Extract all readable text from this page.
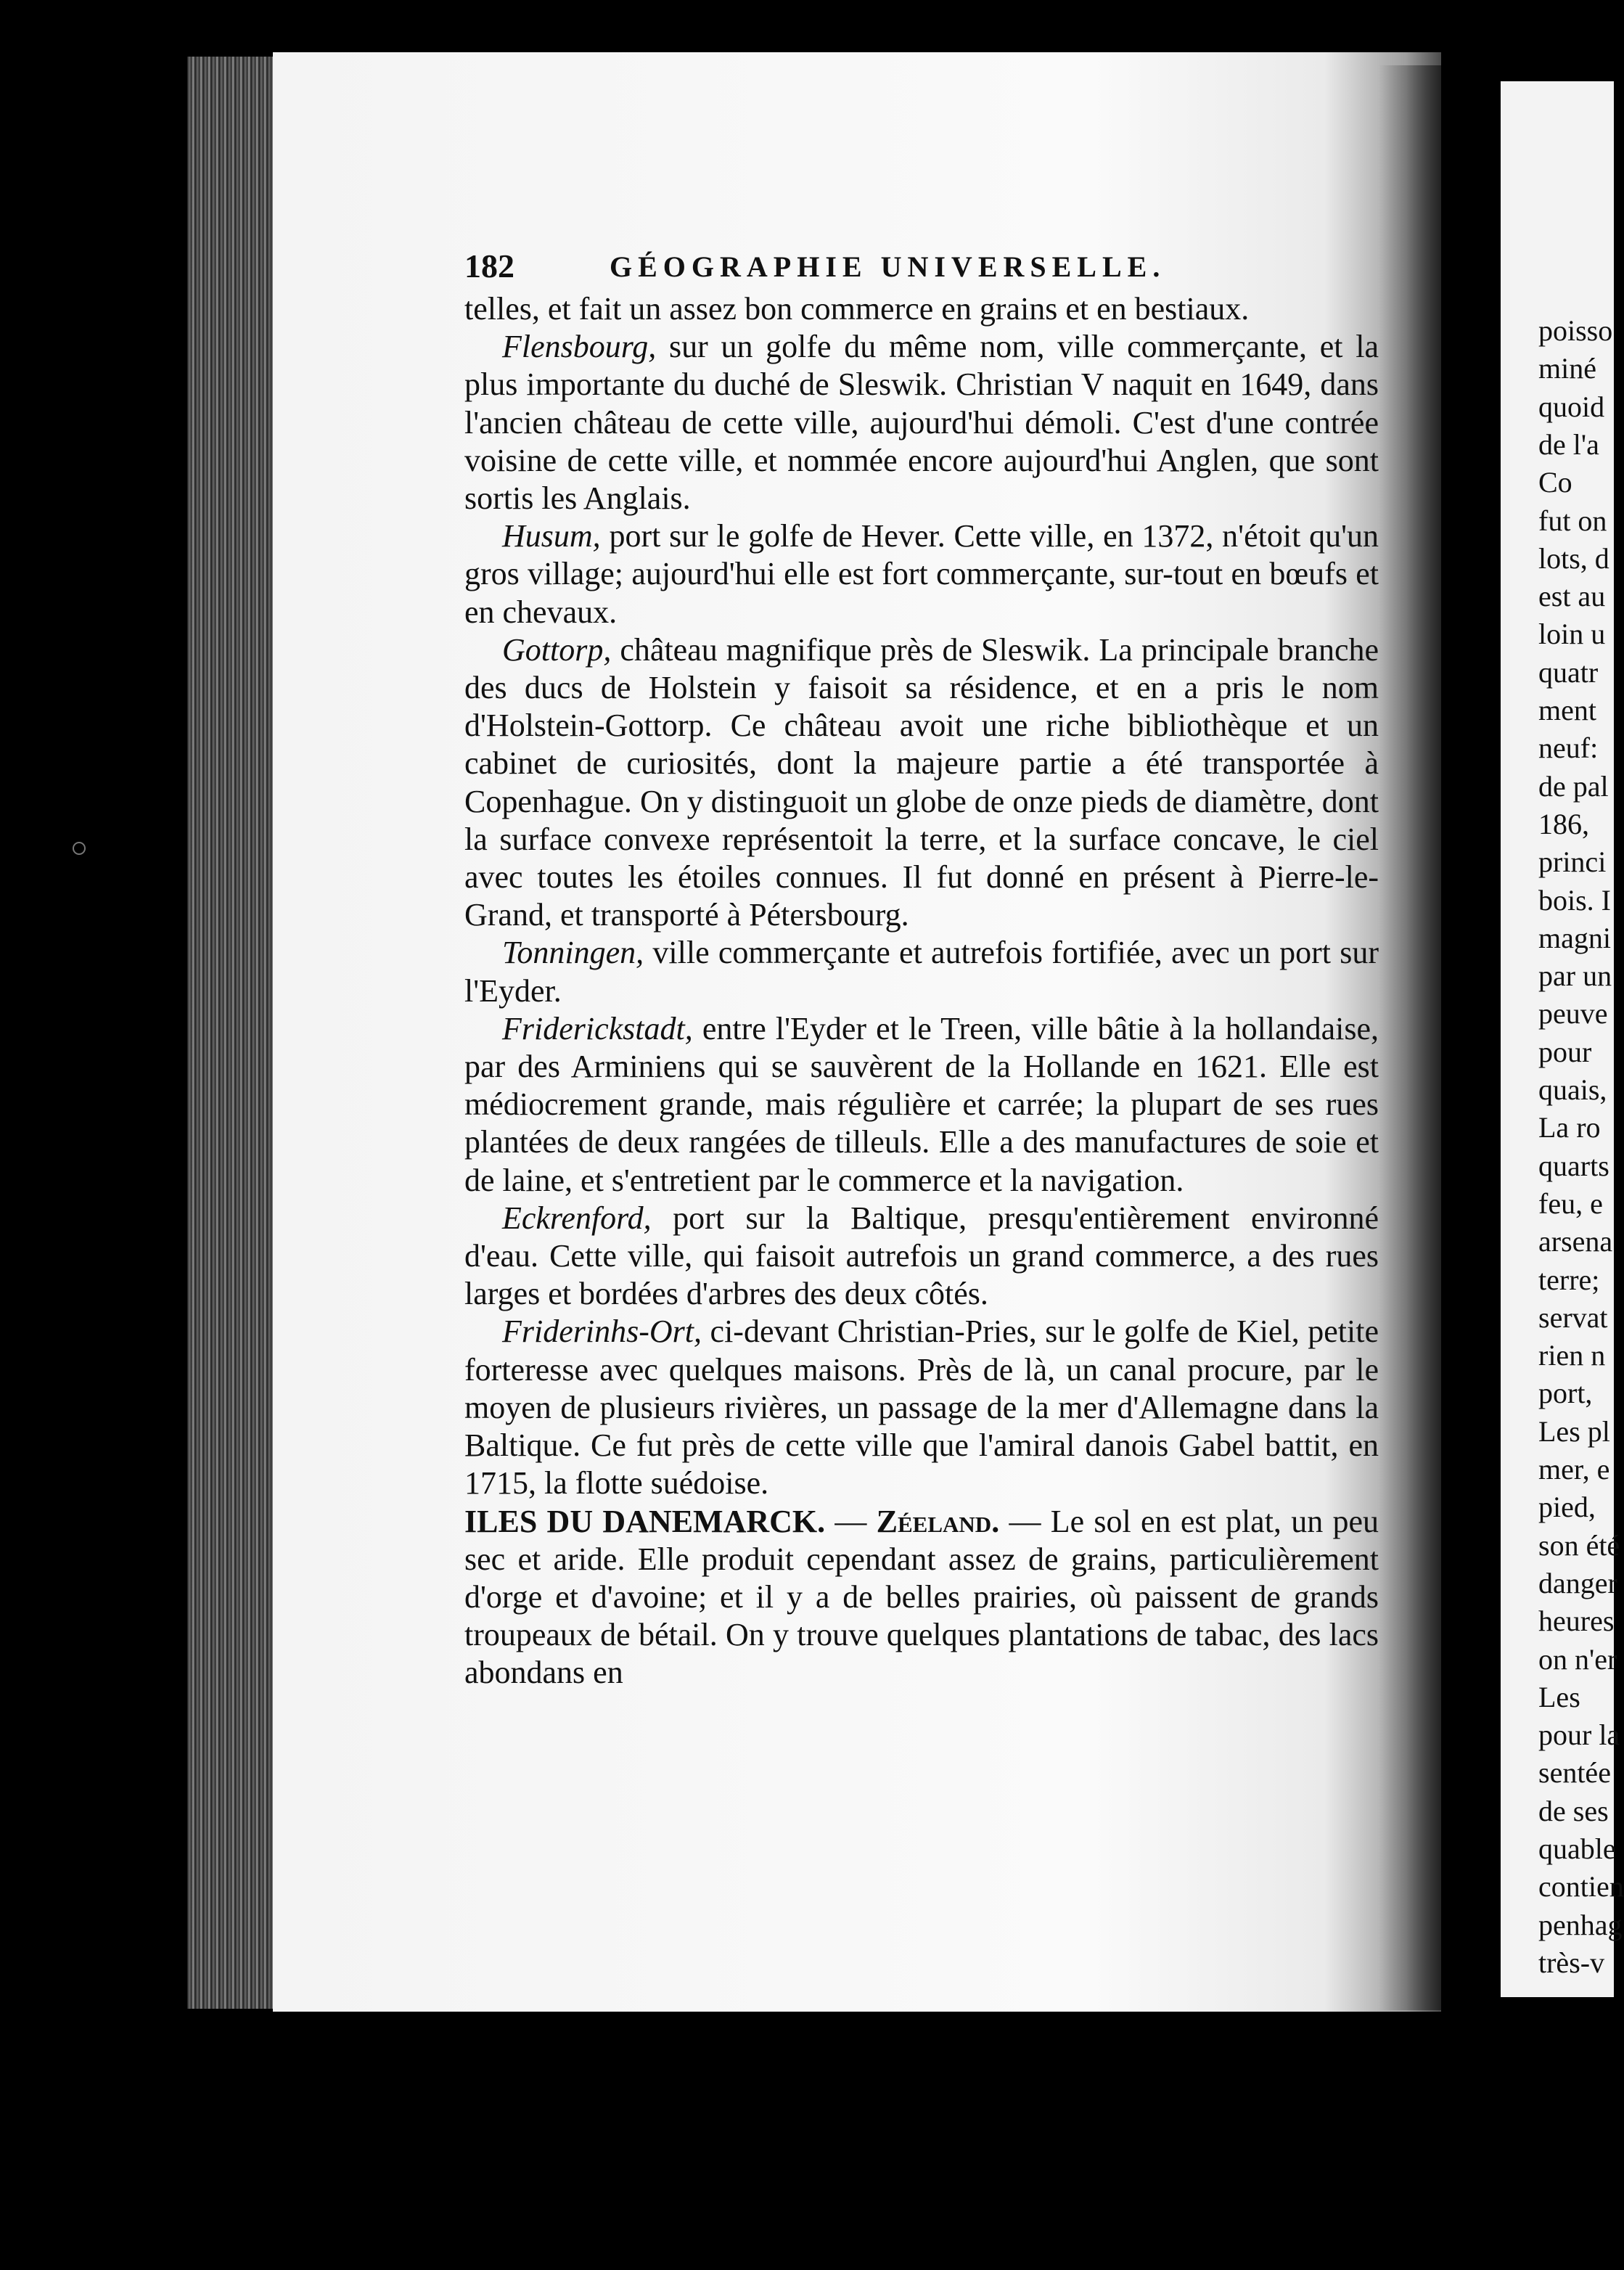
poisso
miné
quoid
de l'a
Co
fut on
lots, d
est au
loin u
quatr
ment
neuf:
de pal
186,
princi
bois. I
magni
par un
peuve
pour
quais,
La ro
quarts
feu, e
arsena
terre;
servat
rien n
port,
Les pl
mer, e
pied,
son été
danger
heures
on n'er
Les
pour la
sentée
de ses
quable
contien
penhag
très-v
182	GÉOGRAPHIE UNIVERSELLE.

telles, et fait un assez bon commerce en grains et en bestiaux.

Flensbourg, sur un golfe du même nom, ville commerçante, et la plus importante du duché de Sleswik. Christian V naquit en 1649, dans l'ancien château de cette ville, aujourd'hui démoli. C'est d'une contrée voisine de cette ville, et nommée encore aujourd'hui Anglen, que sont sortis les Anglais.

Husum, port sur le golfe de Hever. Cette ville, en 1372, n'étoit qu'un gros village; aujourd'hui elle est fort commerçante, sur-tout en bœufs et en chevaux.

Gottorp, château magnifique près de Sleswik. La principale branche des ducs de Holstein y faisoit sa résidence, et en a pris le nom d'Holstein-Gottorp. Ce château avoit une riche bibliothèque et un cabinet de curiosités, dont la majeure partie a été transportée à Copenhague. On y distinguoit un globe de onze pieds de diamètre, dont la surface convexe représentoit la terre, et la surface concave, le ciel avec toutes les étoiles connues. Il fut donné en présent à Pierre-le-Grand, et transporté à Pétersbourg.

Tonningen, ville commerçante et autrefois fortifiée, avec un port sur l'Eyder.

Friderickstadt, entre l'Eyder et le Treen, ville bâtie à la hollandaise, par des Arminiens qui se sauvèrent de la Hollande en 1621. Elle est médiocrement grande, mais régulière et carrée; la plupart de ses rues plantées de deux rangées de tilleuls. Elle a des manufactures de soie et de laine, et s'entretient par le commerce et la navigation.

Eckrenford, port sur la Baltique, presqu'entièrement environné d'eau. Cette ville, qui faisoit autrefois un grand commerce, a des rues larges et bordées d'arbres des deux côtés.

Friderinhs-Ort, ci-devant Christian-Pries, sur le golfe de Kiel, petite forteresse avec quelques maisons. Près de là, un canal procure, par le moyen de plusieurs rivières, un passage de la mer d'Allemagne dans la Baltique. Ce fut près de cette ville que l'amiral danois Gabel battit, en 1715, la flotte suédoise.

ILES DU DANEMARCK. — Zéeland. — Le sol en est plat, un peu sec et aride. Elle produit cependant assez de grains, particulièrement d'orge et d'avoine; et il y a de belles prairies, où paissent de grands troupeaux de bétail. On y trouve quelques plantations de tabac, des lacs abondans en
